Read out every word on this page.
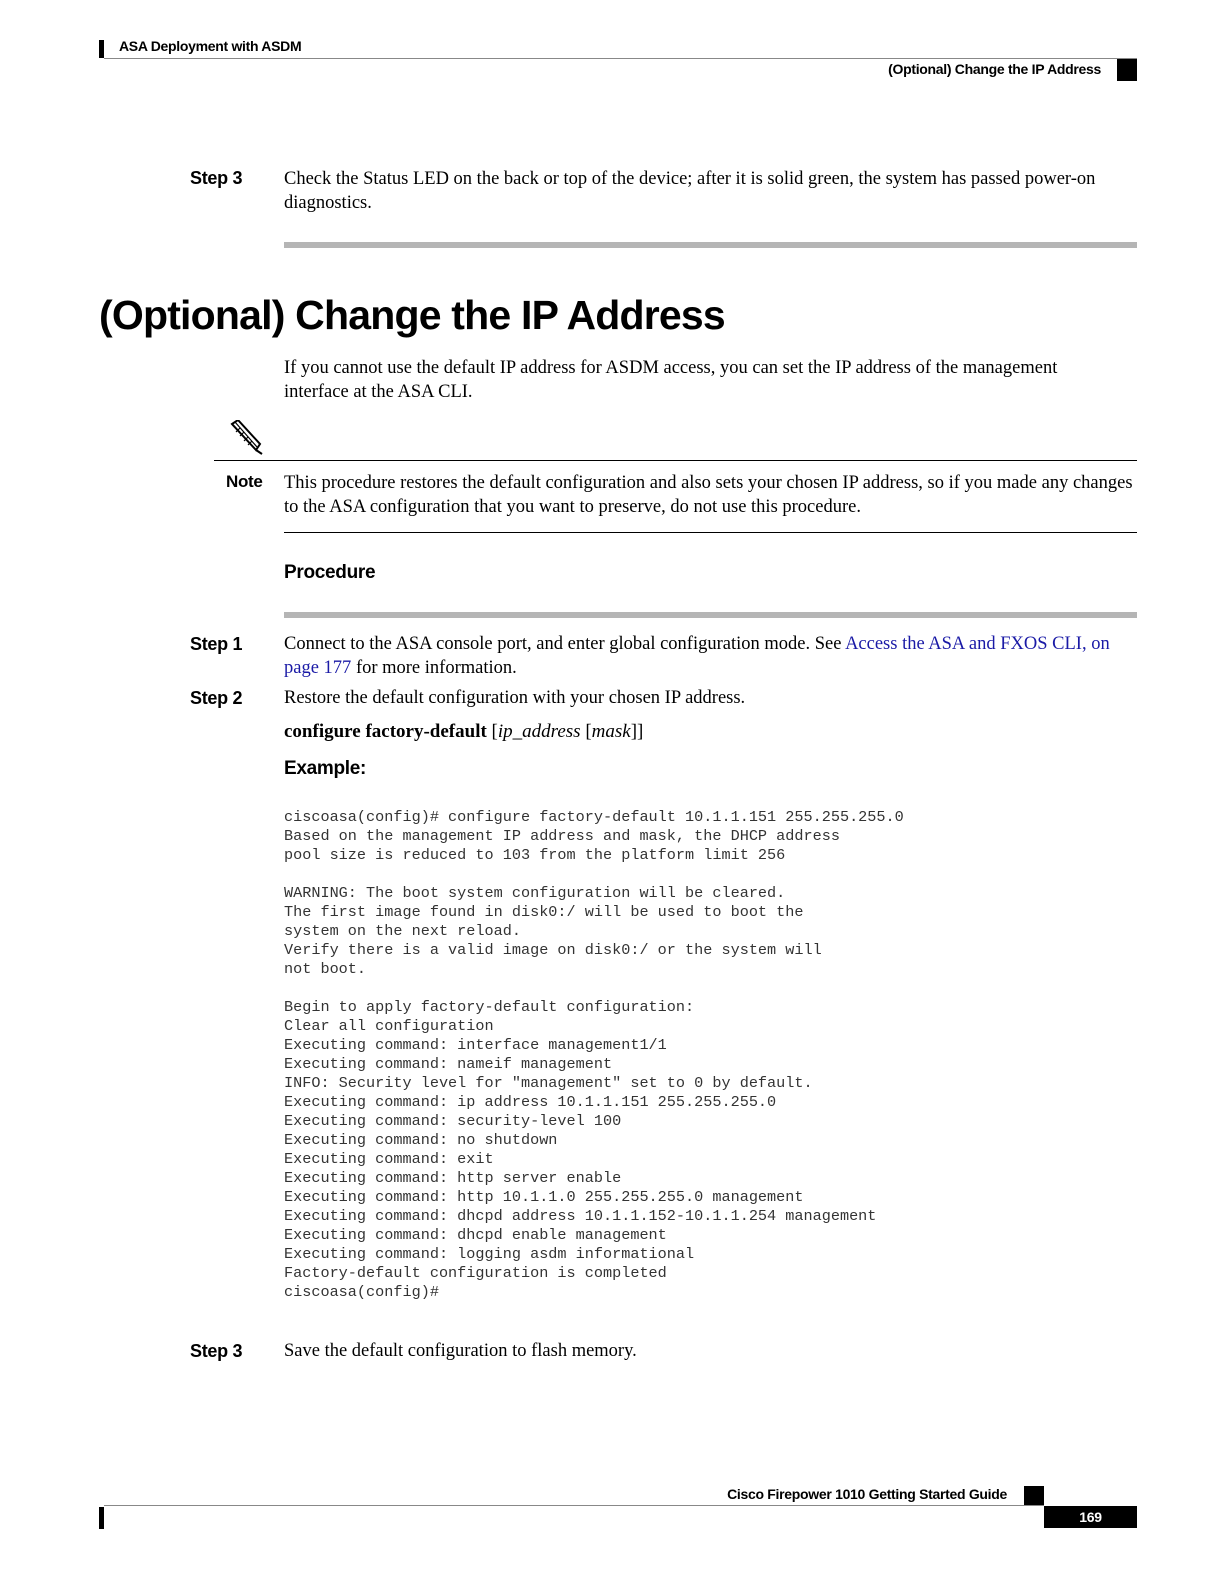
ASA Deployment with ASDM
(Optional) Change the IP Address
Step 3 Check the Status LED on the back or top of the device; after it is solid green, the system has passed power-on diagnostics.
(Optional) Change the IP Address
If you cannot use the default IP address for ASDM access, you can set the IP address of the management interface at the ASA CLI.
Note This procedure restores the default configuration and also sets your chosen IP address, so if you made any changes to the ASA configuration that you want to preserve, do not use this procedure.
Procedure
Step 1 Connect to the ASA console port, and enter global configuration mode. See Access the ASA and FXOS CLI, on page 177 for more information.
Step 2 Restore the default configuration with your chosen IP address.
configure factory-default [ip_address [mask]]
Example:
ciscoasa(config)# configure factory-default 10.1.1.151 255.255.255.0
Based on the management IP address and mask, the DHCP address
pool size is reduced to 103 from the platform limit 256

WARNING: The boot system configuration will be cleared.
The first image found in disk0:/ will be used to boot the
system on the next reload.
Verify there is a valid image on disk0:/ or the system will
not boot.

Begin to apply factory-default configuration:
Clear all configuration
Executing command: interface management1/1
Executing command: nameif management
INFO: Security level for "management" set to 0 by default.
Executing command: ip address 10.1.1.151 255.255.255.0
Executing command: security-level 100
Executing command: no shutdown
Executing command: exit
Executing command: http server enable
Executing command: http 10.1.1.0 255.255.255.0 management
Executing command: dhcpd address 10.1.1.152-10.1.1.254 management
Executing command: dhcpd enable management
Executing command: logging asdm informational
Factory-default configuration is completed
ciscoasa(config)#
Step 3 Save the default configuration to flash memory.
Cisco Firepower 1010 Getting Started Guide
169
